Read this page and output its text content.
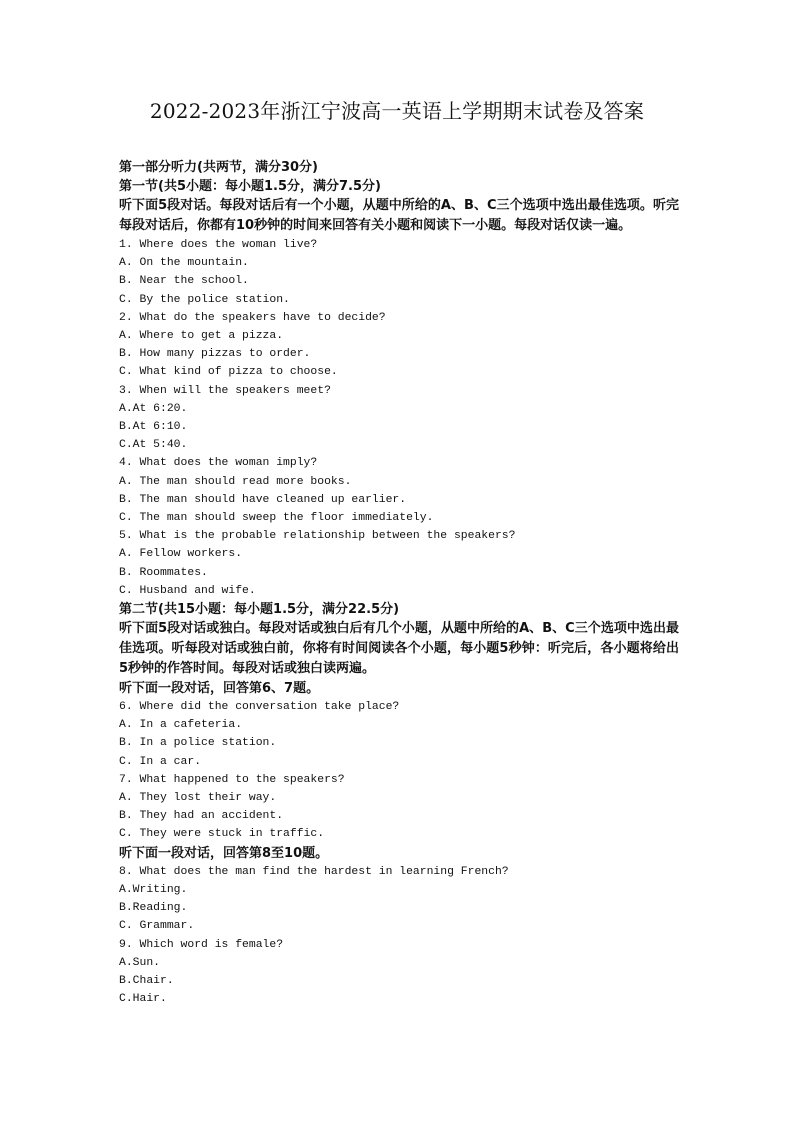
2022-2023年浙江宁波高一英语上学期期末试卷及答案

第一部分听力(共两节，满分30分)

第一节(共5小题：每小题1.5分，满分7.5分)

听下面5段对话。每段对话后有一个小题，从题中所给的A、B、C三个选项中选出最佳选项。听完每段对话后，你都有10秒钟的时间来回答有关小题和阅读下一小题。每段对话仅读一遍。

1. Where does the woman live?

A. On the mountain.

B. Near the school.

C. By the police station.

2. What do the speakers have to decide?

A. Where to get a pizza.

B. How many pizzas to order.

C. What kind of pizza to choose.

3. When will the speakers meet?

A.At 6:20.

B.At 6:10.

C.At 5:40.

4. What does the woman imply?

A. The man should read more books.

B. The man should have cleaned up earlier.

C. The man should sweep the floor immediately.

5. What is the probable relationship between the speakers?

A. Fellow workers.

B. Roommates.

C. Husband and wife.

第二节(共15小题：每小题1.5分，满分22.5分)

听下面5段对话或独白。每段对话或独白后有几个小题，从题中所给的A、B、C三个选项中选出最佳选项。听每段对话或独白前，你将有时间阅读各个小题，每小题5秒钟：听完后，各小题将给出5秒钟的作答时间。每段对话或独白读两遍。

听下面一段对话，回答第6、7题。

6. Where did the conversation take place?

A. In a cafeteria.

B. In a police station.

C. In a car.

7. What happened to the speakers?

A. They lost their way.

B. They had an accident.

C. They were stuck in traffic.

听下面一段对话，回答第8至10题。

8. What does the man find the hardest in learning French?

A.Writing.

B.Reading.

C. Grammar.

9. Which word is female?

A.Sun.

B.Chair.

C.Hair.
